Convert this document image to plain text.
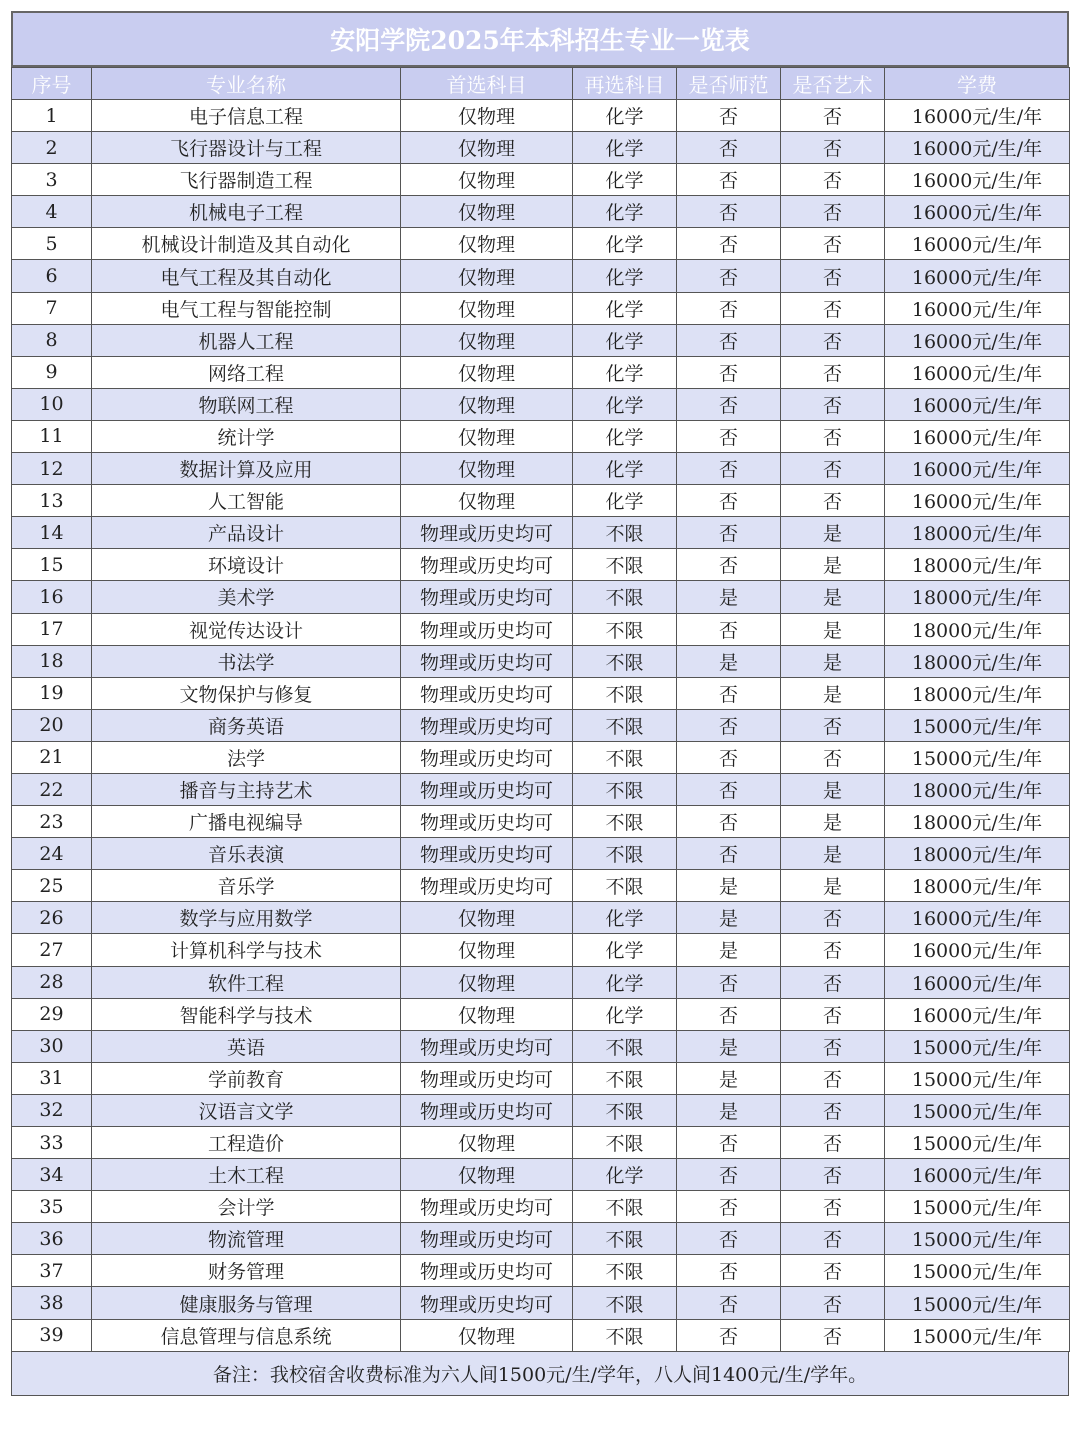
安阳学院2025年本科招生专业一览表
序号	专业名称	首选科目	再选科目	是否师范	是否艺术	学费
1	电子信息工程	仅物理	化学	否	否	16000元/生/年
2	飞行器设计与工程	仅物理	化学	否	否	16000元/生/年
3	飞行器制造工程	仅物理	化学	否	否	16000元/生/年
4	机械电子工程	仅物理	化学	否	否	16000元/生/年
5	机械设计制造及其自动化	仅物理	化学	否	否	16000元/生/年
6	电气工程及其自动化	仅物理	化学	否	否	16000元/生/年
7	电气工程与智能控制	仅物理	化学	否	否	16000元/生/年
8	机器人工程	仅物理	化学	否	否	16000元/生/年
9	网络工程	仅物理	化学	否	否	16000元/生/年
10	物联网工程	仅物理	化学	否	否	16000元/生/年
11	统计学	仅物理	化学	否	否	16000元/生/年
12	数据计算及应用	仅物理	化学	否	否	16000元/生/年
13	人工智能	仅物理	化学	否	否	16000元/生/年
14	产品设计	物理或历史均可	不限	否	是	18000元/生/年
15	环境设计	物理或历史均可	不限	否	是	18000元/生/年
16	美术学	物理或历史均可	不限	是	是	18000元/生/年
17	视觉传达设计	物理或历史均可	不限	否	是	18000元/生/年
18	书法学	物理或历史均可	不限	是	是	18000元/生/年
19	文物保护与修复	物理或历史均可	不限	否	是	18000元/生/年
20	商务英语	物理或历史均可	不限	否	否	15000元/生/年
21	法学	物理或历史均可	不限	否	否	15000元/生/年
22	播音与主持艺术	物理或历史均可	不限	否	是	18000元/生/年
23	广播电视编导	物理或历史均可	不限	否	是	18000元/生/年
24	音乐表演	物理或历史均可	不限	否	是	18000元/生/年
25	音乐学	物理或历史均可	不限	是	是	18000元/生/年
26	数学与应用数学	仅物理	化学	是	否	16000元/生/年
27	计算机科学与技术	仅物理	化学	是	否	16000元/生/年
28	软件工程	仅物理	化学	否	否	16000元/生/年
29	智能科学与技术	仅物理	化学	否	否	16000元/生/年
30	英语	物理或历史均可	不限	是	否	15000元/生/年
31	学前教育	物理或历史均可	不限	是	否	15000元/生/年
32	汉语言文学	物理或历史均可	不限	是	否	15000元/生/年
33	工程造价	仅物理	不限	否	否	15000元/生/年
34	土木工程	仅物理	化学	否	否	16000元/生/年
35	会计学	物理或历史均可	不限	否	否	15000元/生/年
36	物流管理	物理或历史均可	不限	否	否	15000元/生/年
37	财务管理	物理或历史均可	不限	否	否	15000元/生/年
38	健康服务与管理	物理或历史均可	不限	否	否	15000元/生/年
39	信息管理与信息系统	仅物理	不限	否	否	15000元/生/年
备注：我校宿舍收费标准为六人间1500元/生/学年，八人间1400元/生/学年。
